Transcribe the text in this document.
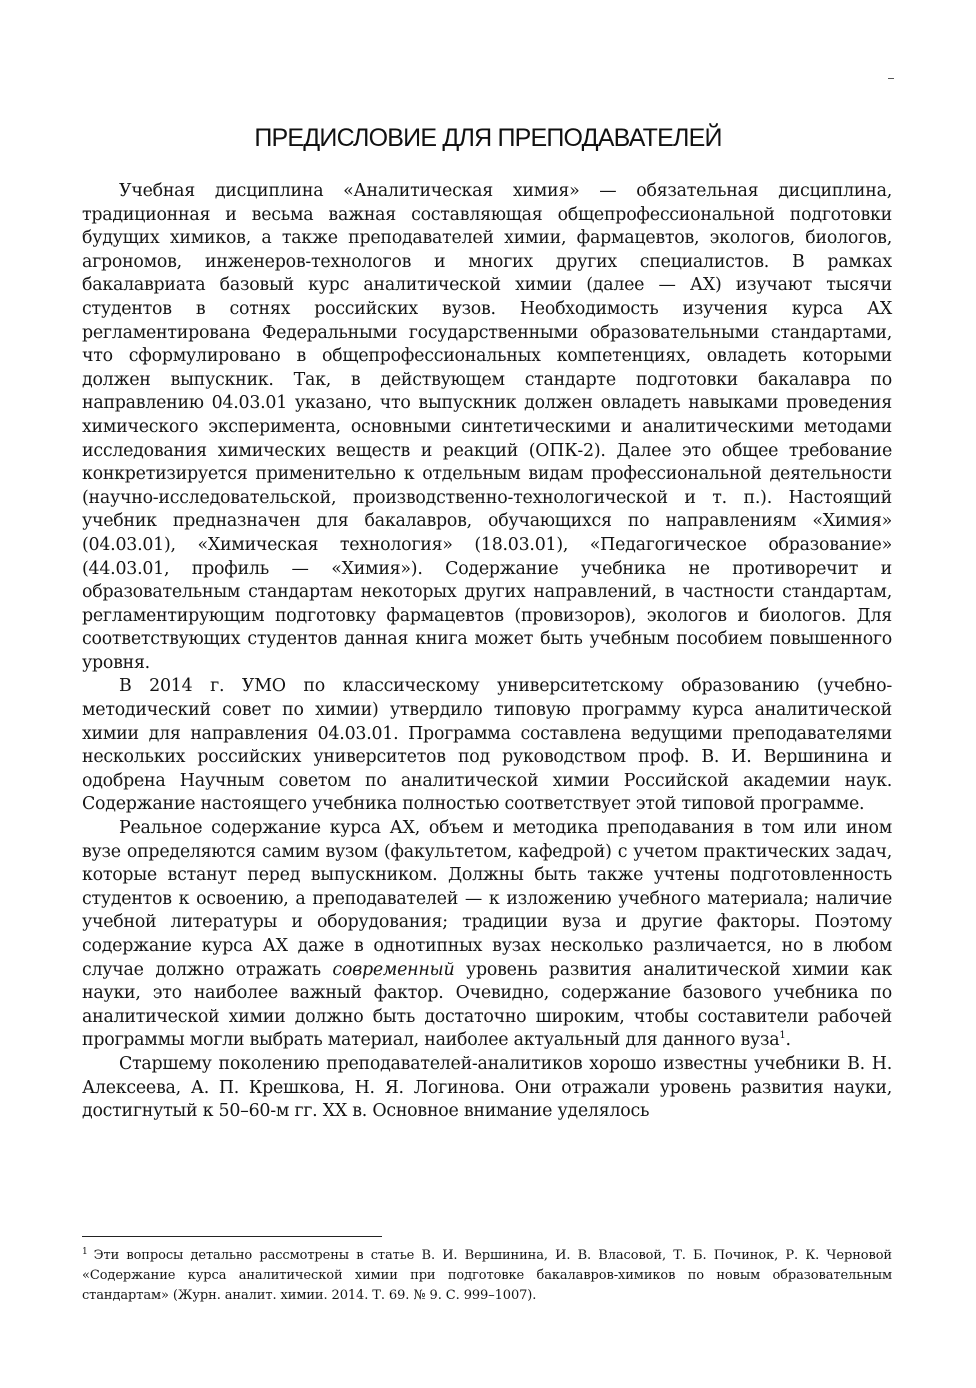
ПРЕДИСЛОВИЕ ДЛЯ ПРЕПОДАВАТЕЛЕЙ

Учебная дисциплина «Аналитическая химия» — обязательная дисциплина, традиционная и весьма важная составляющая общепрофессиональной подготовки будущих химиков, а также преподавателей химии, фармацевтов, экологов, биологов, агрономов, инженеров-технологов и многих других специалистов. В рамках бакалавриата базовый курс аналитической химии (далее — АХ) изучают тысячи студентов в сотнях российских вузов. Необходимость изучения курса АХ регламентирована Федеральными государственными образовательными стандартами, что сформулировано в общепрофессиональных компетенциях, овладеть которыми должен выпускник. Так, в действующем стандарте подготовки бакалавра по направлению 04.03.01 указано, что выпускник должен овладеть навыками проведения химического эксперимента, основными синтетическими и аналитическими методами исследования химических веществ и реакций (ОПК-2). Далее это общее требование конкретизируется применительно к отдельным видам профессиональной деятельности (научно-исследовательской, производственно-технологической и т. п.). Настоящий учебник предназначен для бакалавров, обучающихся по направлениям «Химия» (04.03.01), «Химическая технология» (18.03.01), «Педагогическое образование» (44.03.01, профиль — «Химия»). Содержание учебника не противоречит и образовательным стандартам некоторых других направлений, в частности стандартам, регламентирующим подготовку фармацевтов (провизоров), экологов и биологов. Для соответствующих студентов данная книга может быть учебным пособием повышенного уровня.

В 2014 г. УМО по классическому университетскому образованию (учебно-методический совет по химии) утвердило типовую программу курса аналитической химии для направления 04.03.01. Программа составлена ведущими преподавателями нескольких российских университетов под руководством проф. В. И. Вершинина и одобрена Научным советом по аналитической химии Российской академии наук. Содержание настоящего учебника полностью соответствует этой типовой программе.

Реальное содержание курса АХ, объем и методика преподавания в том или ином вузе определяются самим вузом (факультетом, кафедрой) с учетом практических задач, которые встанут перед выпускником. Должны быть также учтены подготовленность студентов к освоению, а преподавателей — к изложению учебного материала; наличие учебной литературы и оборудования; традиции вуза и другие факторы. Поэтому содержание курса АХ даже в однотипных вузах несколько различается, но в любом случае должно отражать современный уровень развития аналитической химии как науки, это наиболее важный фактор. Очевидно, содержание базового учебника по аналитической химии должно быть достаточно широким, чтобы составители рабочей программы могли выбрать материал, наиболее актуальный для данного вуза$^1$.

Старшему поколению преподавателей-аналитиков хорошо известны учебники В. Н. Алексеева, А. П. Крешкова, Н. Я. Логинова. Они отражали уровень развития науки, достигнутый к 50–60-м гг. XX в. Основное внимание уделялось

$^1$ Эти вопросы детально рассмотрены в статье В. И. Вершинина, И. В. Власовой, Т. Б. Починок, Р. К. Черновой «Содержание курса аналитической химии при подготовке бакалавров-химиков по новым образовательным стандартам» (Журн. аналит. химии. 2014. Т. 69. № 9. С. 999–1007).
